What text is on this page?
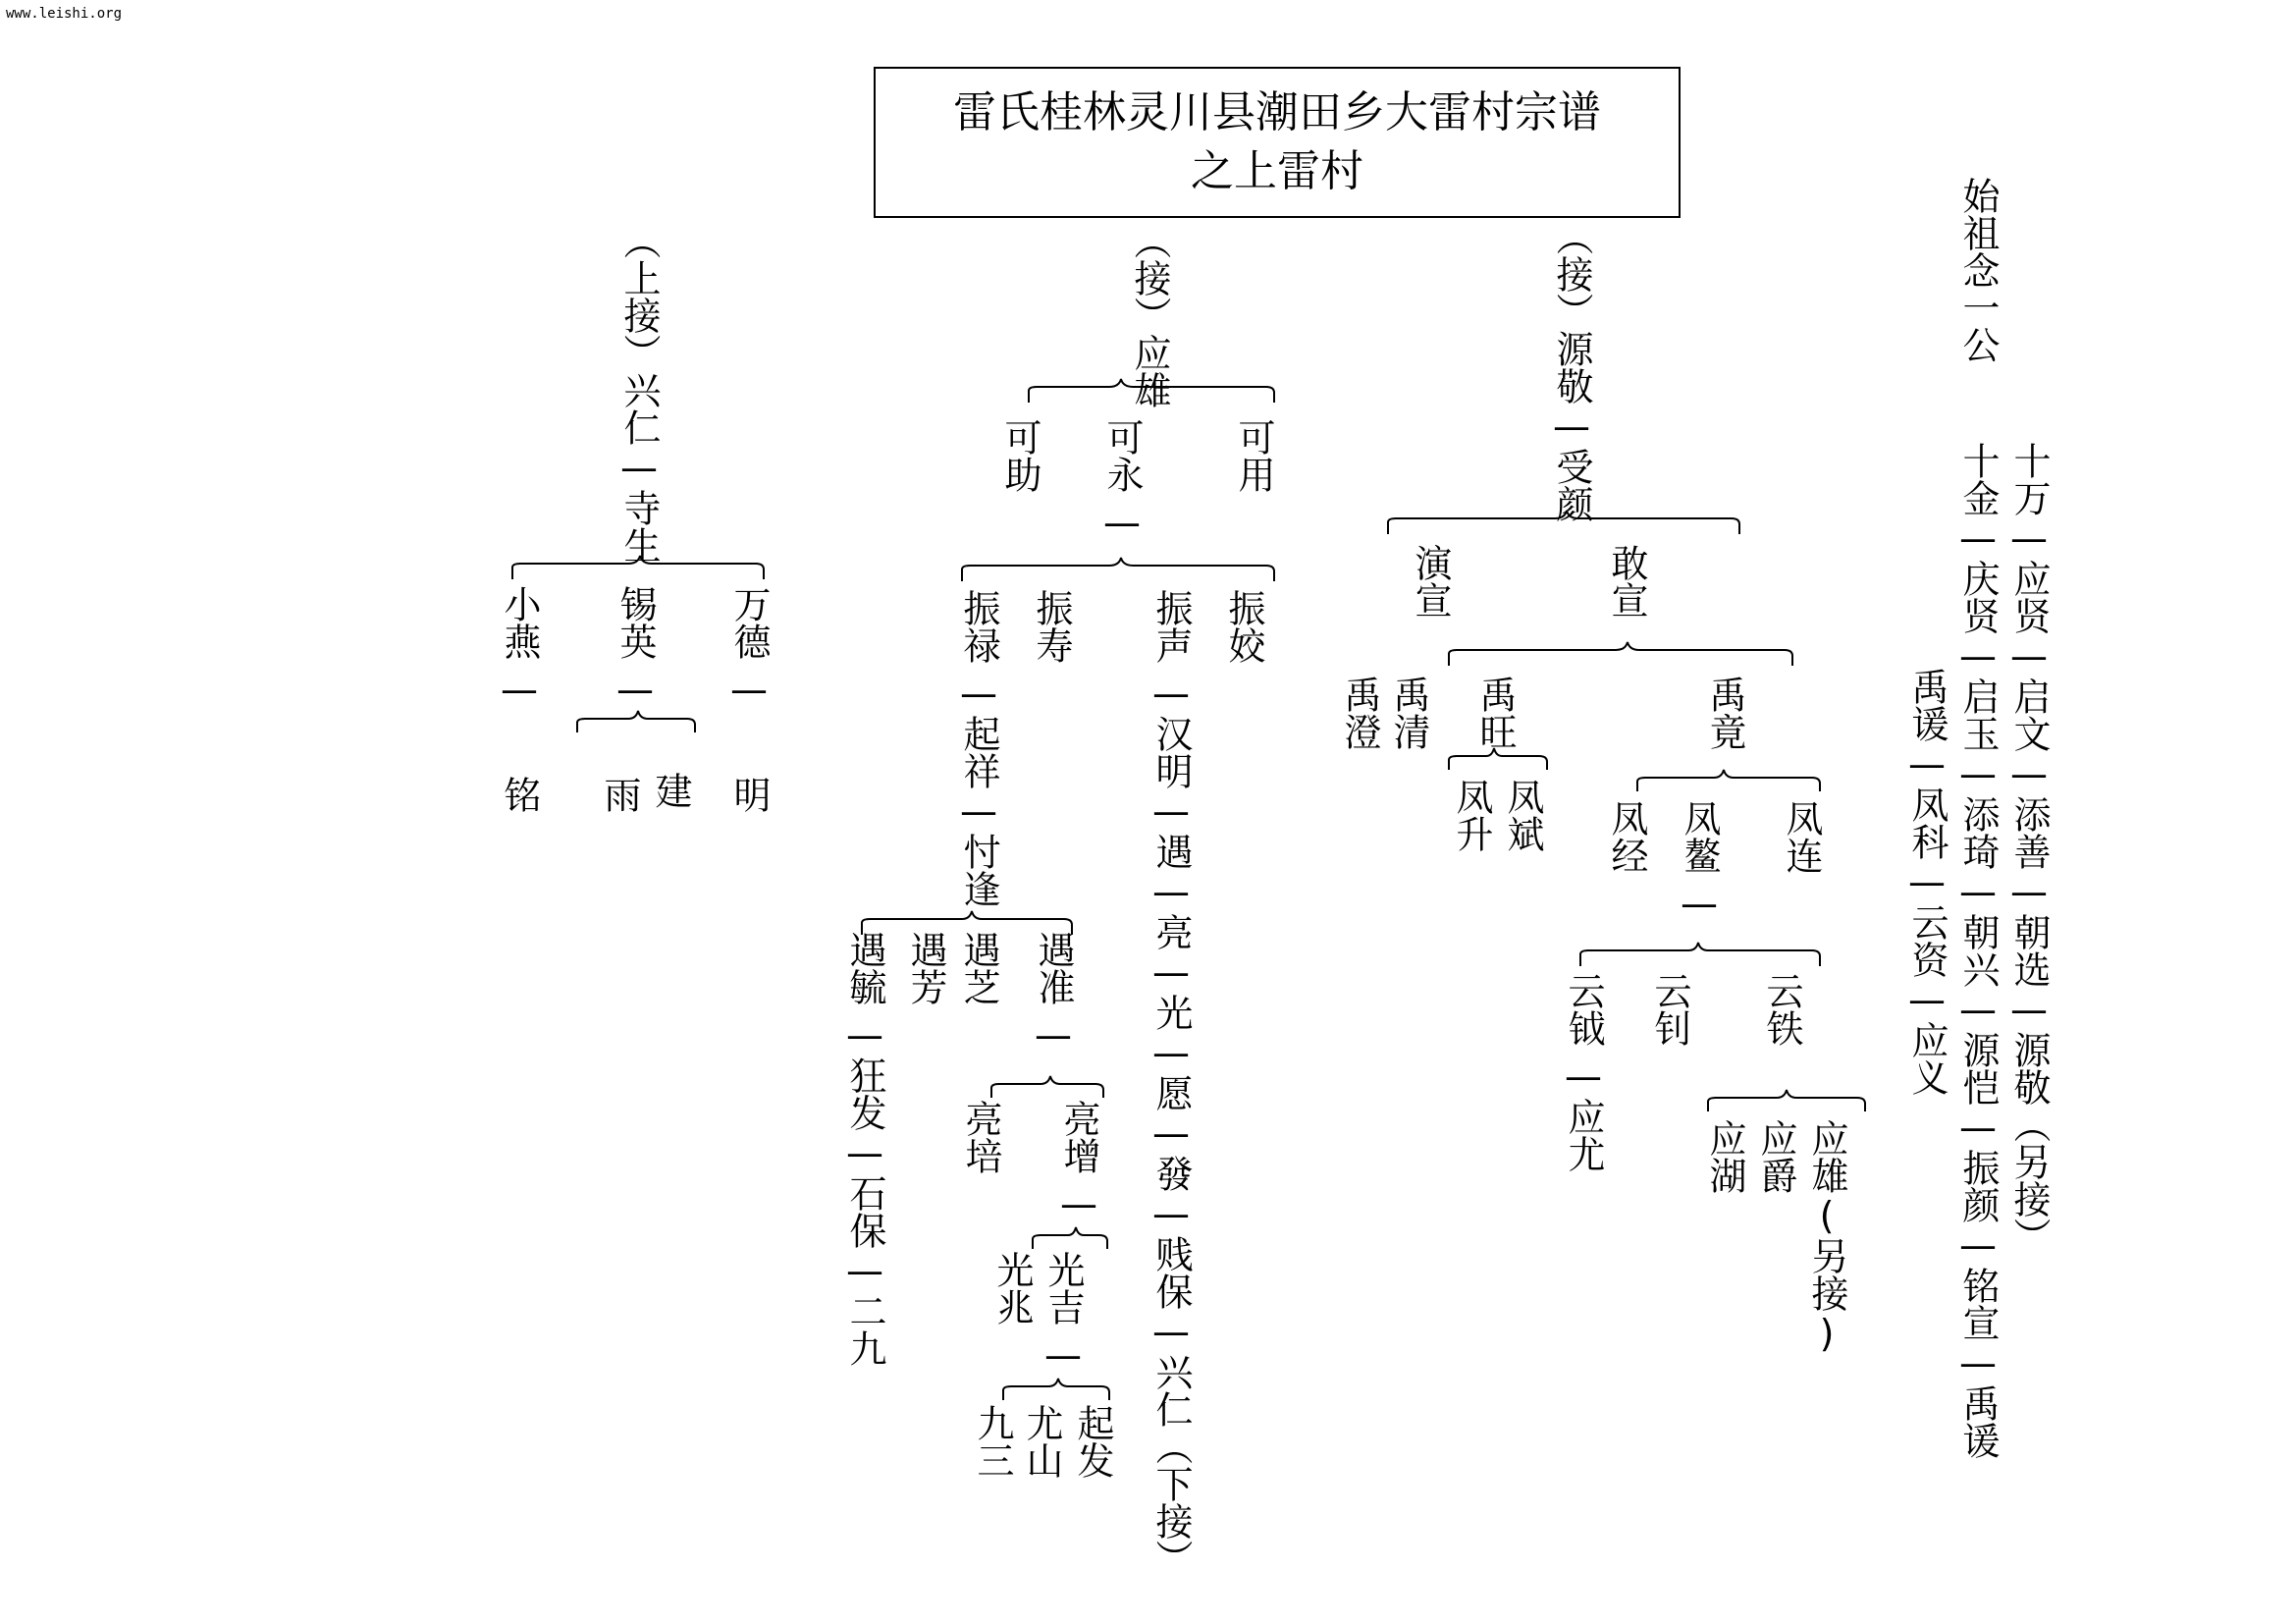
www.leishi.org
雷氏桂林灵川县潮田乡大雷村宗谱
之上雷村
（上接）兴仁—寺生
万德
锡英
小燕
—
—
—
明
建
雨
铭
（接）应雄
可用
可永
可助
—
振姣
振声
振寿
振禄
—汉明—遇—亮—光—愿—發—贱保—兴仁（下接）
—起祥—忖逢
遇准
遇芝
遇芳
遇毓
—狂发—石保—二九	—
亮增
亮培
—
光吉
光兆
—
起发
尤山
九三
（接）源敬—受颜
演宣	敢宣
禹清
禹澄 禹旺	禹竟
凤斌
凤升	凤连
凤鳌
凤经
—
云铁
云钊
云钺
—应尤
应雄(另接)
应爵
应湖
始祖念一公
十万—应贤—启文—添善—朝选—源敬（另接）
十金—庆贤—启玉—添琦—朝兴—源恺—振颜—铭宣—禹谖
禹谖—凤科—云资—应义
